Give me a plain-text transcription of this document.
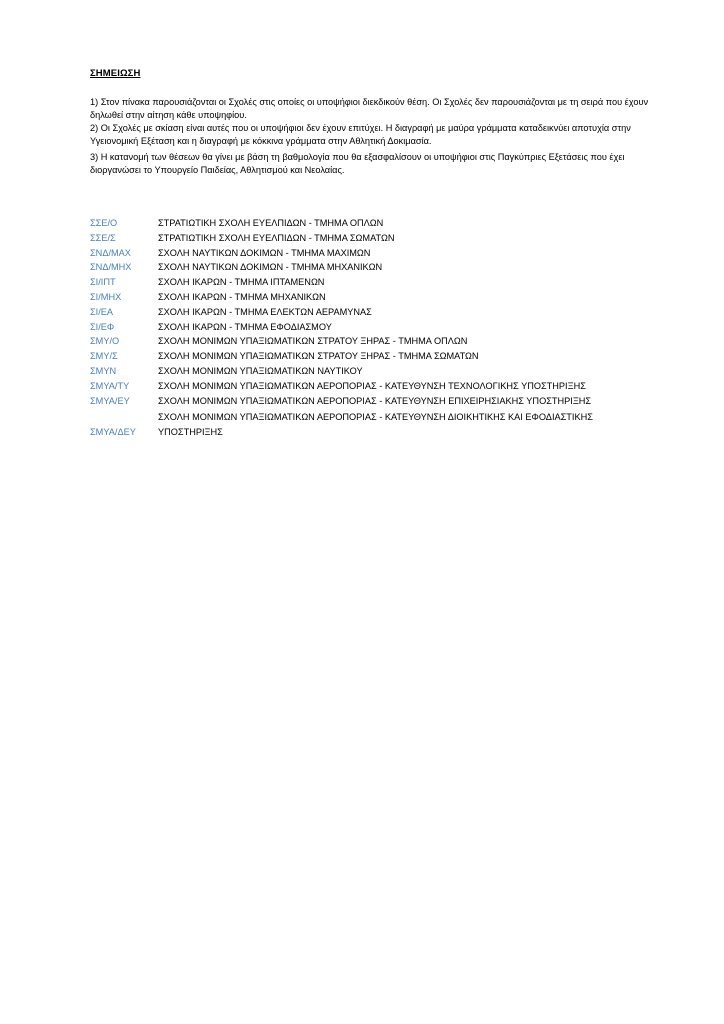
ΣΗΜΕΙΩΣΗ

1) Στον πίνακα παρουσιάζονται οι Σχολές στις οποίες οι υποψήφιοι διεκδικούν θέση. Οι Σχολές δεν παρουσιάζονται με τη σειρά που έχουν δηλωθεί στην αίτηση κάθε υποψηφίου.

2) Οι Σχολές με σκίαση είναι αυτές που οι υποψήφιοι δεν έχουν επιτύχει. Η διαγραφή με μαύρα γράμματα καταδεικνύει αποτυχία στην Υγειονομική Εξέταση και η διαγραφή με κόκκινα γράμματα στην Αθλητική Δοκιμασία.

3) Η κατανομή των θέσεων θα γίνει με βάση τη βαθμολογία που θα εξασφαλίσουν οι υποψήφιοι στις Παγκύπριες Εξετάσεις που έχει διοργανώσει το Υπουργείο Παιδείας, Αθλητισμού και Νεολαίας.

ΣΣΕ/Ο	ΣΤΡΑΤΙΩΤΙΚΗ ΣΧΟΛΗ ΕΥΕΛΠΙΔΩΝ - ΤΜΗΜΑ ΟΠΛΩΝ
ΣΣΕ/Σ	ΣΤΡΑΤΙΩΤΙΚΗ ΣΧΟΛΗ ΕΥΕΛΠΙΔΩΝ - ΤΜΗΜΑ ΣΩΜΑΤΩΝ
ΣΝΔ/ΜΑΧ	ΣΧΟΛΗ ΝΑΥΤΙΚΩΝ ΔΟΚΙΜΩΝ - ΤΜΗΜΑ ΜΑΧΙΜΩΝ
ΣΝΔ/ΜΗΧ	ΣΧΟΛΗ ΝΑΥΤΙΚΩΝ ΔΟΚΙΜΩΝ - ΤΜΗΜΑ ΜΗΧΑΝΙΚΩΝ
ΣΙ/ΙΠΤ	ΣΧΟΛΗ ΙΚΑΡΩΝ - ΤΜΗΜΑ ΙΠΤΑΜΕΝΩΝ
ΣΙ/ΜΗΧ	ΣΧΟΛΗ ΙΚΑΡΩΝ - ΤΜΗΜΑ ΜΗΧΑΝΙΚΩΝ
ΣΙ/ΕΑ	ΣΧΟΛΗ ΙΚΑΡΩΝ - ΤΜΗΜΑ ΕΛΕΚΤΩΝ ΑΕΡΑΜΥΝΑΣ
ΣΙ/ΕΦ	ΣΧΟΛΗ ΙΚΑΡΩΝ - ΤΜΗΜΑ ΕΦΟΔΙΑΣΜΟΥ
ΣΜΥ/Ο	ΣΧΟΛΗ ΜΟΝΙΜΩΝ ΥΠΑΞΙΩΜΑΤΙΚΩΝ ΣΤΡΑΤΟΥ ΞΗΡΑΣ - ΤΜΗΜΑ ΟΠΛΩΝ
ΣΜΥ/Σ	ΣΧΟΛΗ ΜΟΝΙΜΩΝ ΥΠΑΞΙΩΜΑΤΙΚΩΝ ΣΤΡΑΤΟΥ ΞΗΡΑΣ - ΤΜΗΜΑ ΣΩΜΑΤΩΝ
ΣΜΥΝ	ΣΧΟΛΗ ΜΟΝΙΜΩΝ ΥΠΑΞΙΩΜΑΤΙΚΩΝ ΝΑΥΤΙΚΟΥ
ΣΜΥΑ/ΤΥ	ΣΧΟΛΗ ΜΟΝΙΜΩΝ ΥΠΑΞΙΩΜΑΤΙΚΩΝ ΑΕΡΟΠΟΡΙΑΣ - ΚΑΤΕΥΘΥΝΣΗ ΤΕΧΝΟΛΟΓΙΚΗΣ ΥΠΟΣΤΗΡΙΞΗΣ
ΣΜΥΑ/ΕΥ	ΣΧΟΛΗ ΜΟΝΙΜΩΝ ΥΠΑΞΙΩΜΑΤΙΚΩΝ ΑΕΡΟΠΟΡΙΑΣ - ΚΑΤΕΥΘΥΝΣΗ ΕΠΙΧΕΙΡΗΣΙΑΚΗΣ ΥΠΟΣΤΗΡΙΞΗΣ
ΣΜΥΑ/ΔΕΥ	ΣΧΟΛΗ ΜΟΝΙΜΩΝ ΥΠΑΞΙΩΜΑΤΙΚΩΝ ΑΕΡΟΠΟΡΙΑΣ - ΚΑΤΕΥΘΥΝΣΗ ΔΙΟΙΚΗΤΙΚΗΣ ΚΑΙ ΕΦΟΔΙΑΣΤΙΚΗΣ ΥΠΟΣΤΗΡΙΞΗΣ
